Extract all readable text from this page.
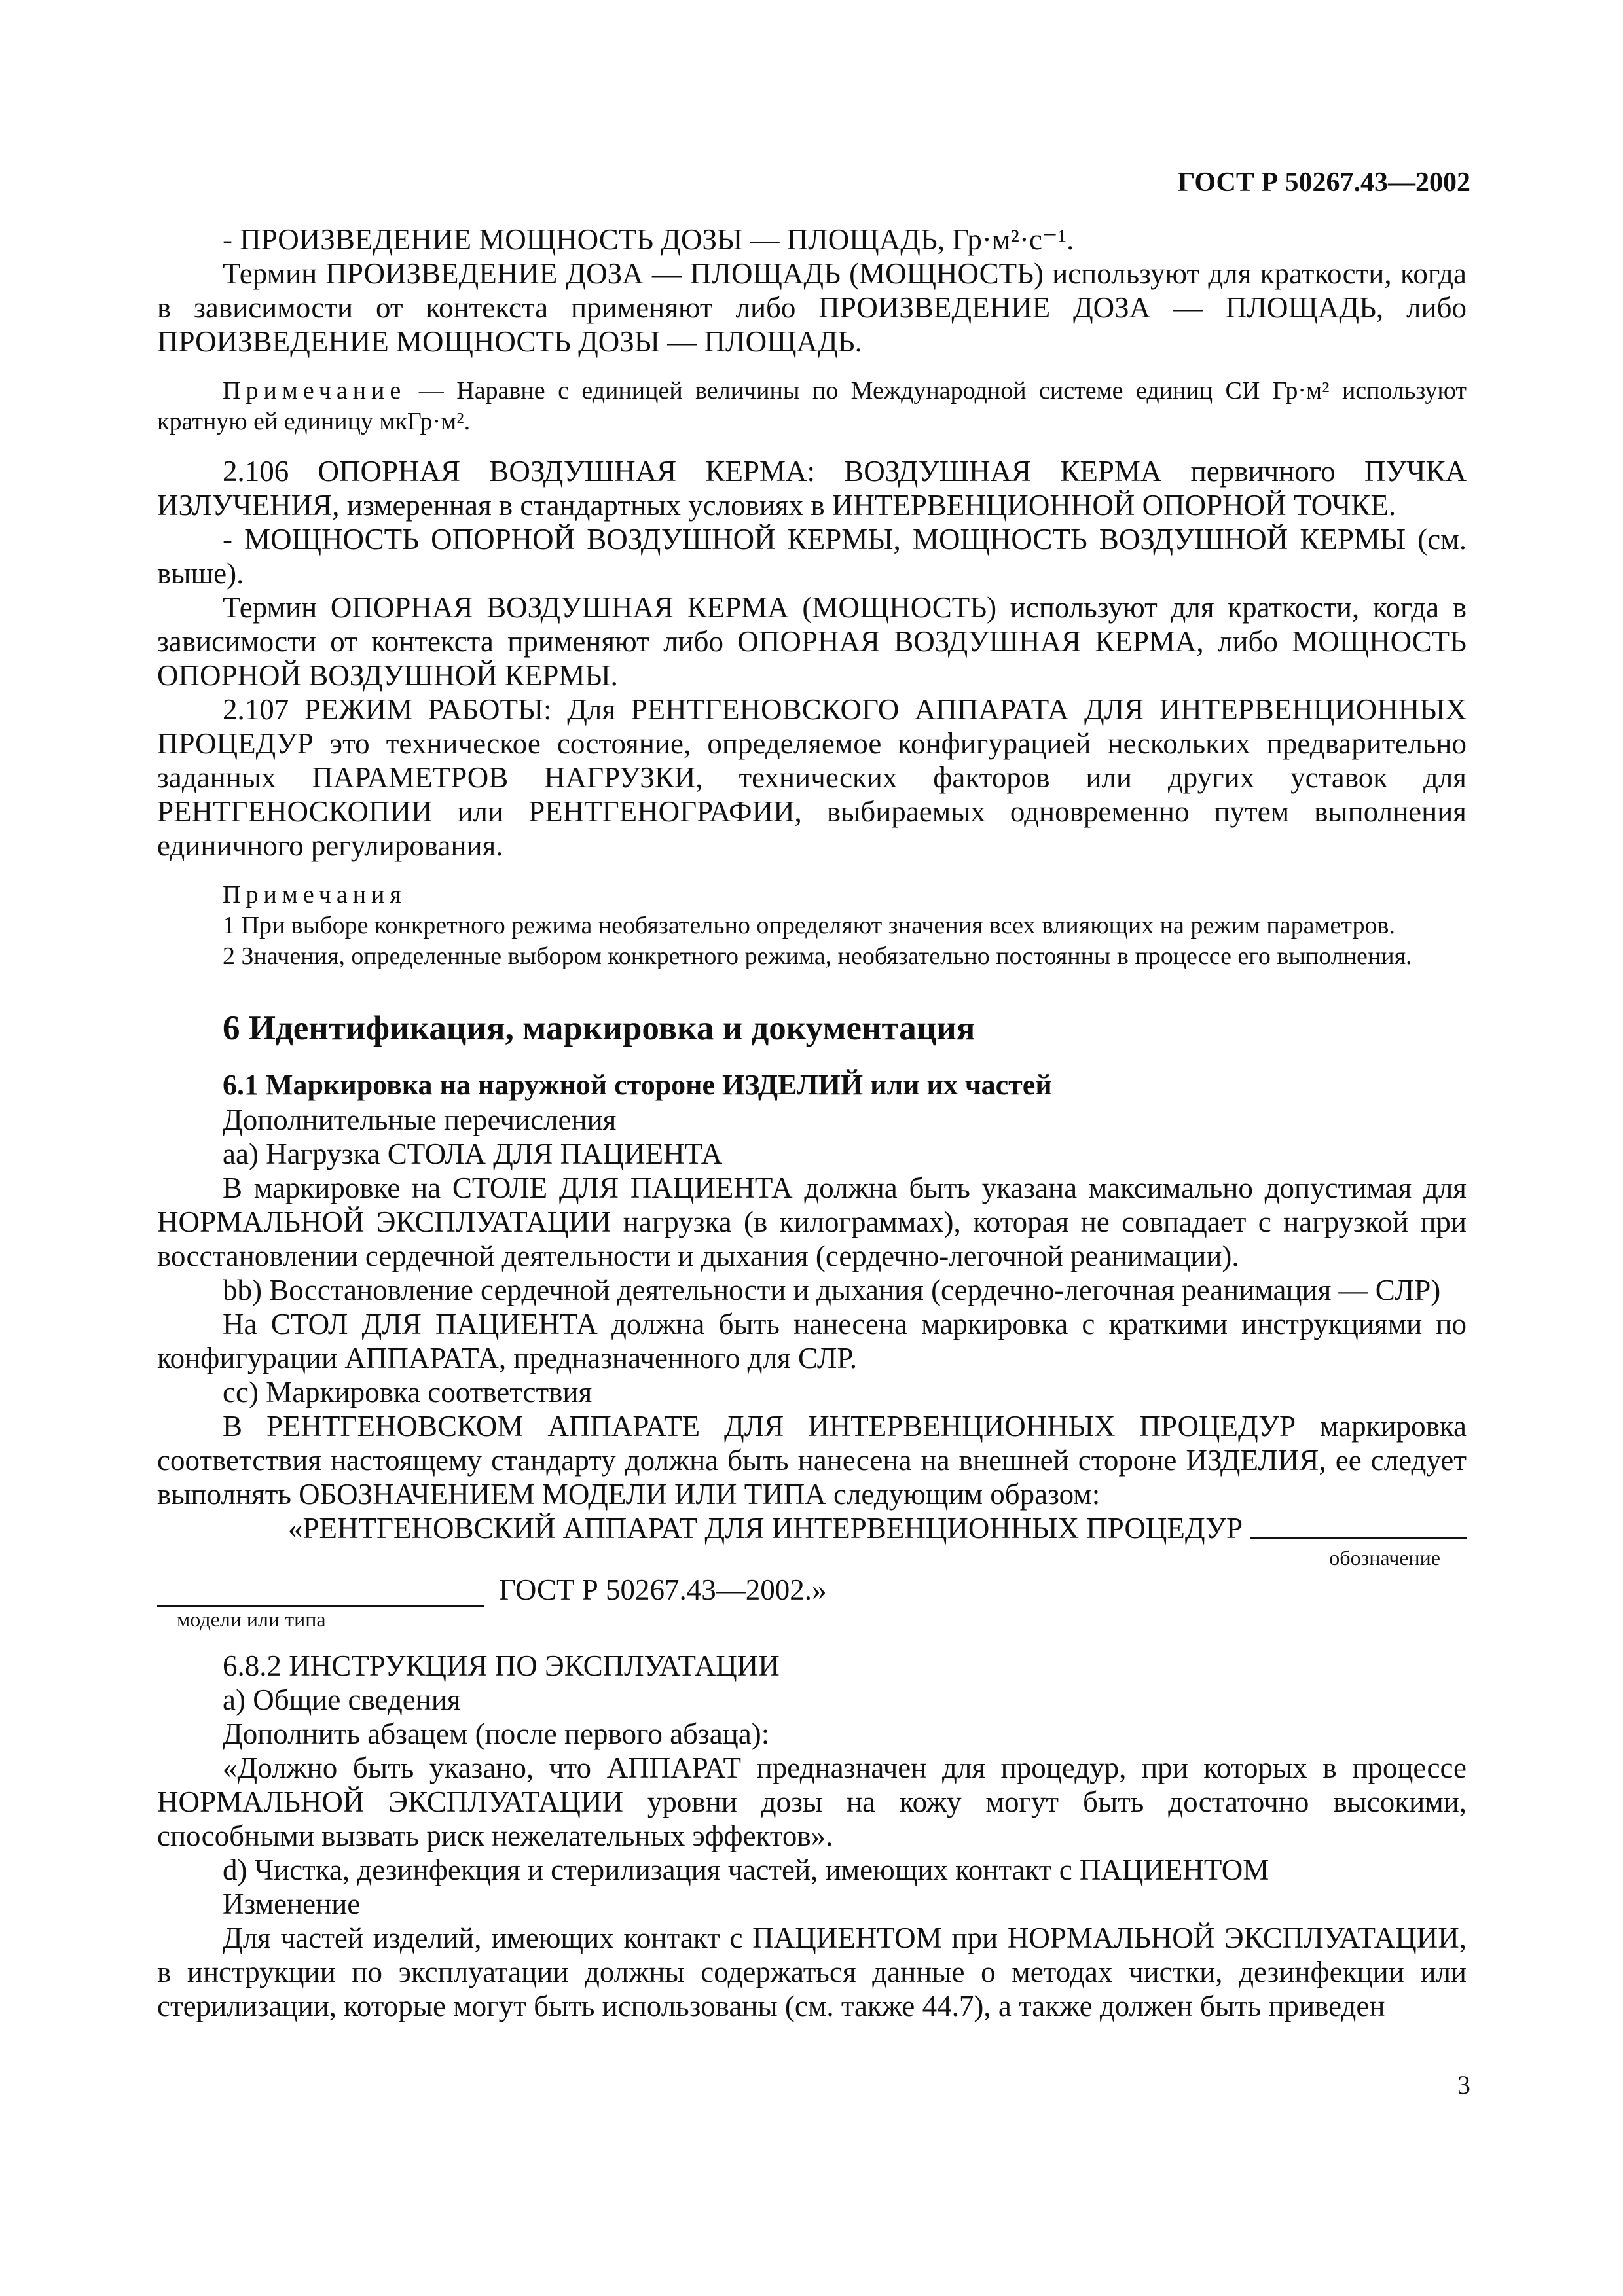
ГОСТ Р 50267.43—2002

- ПРОИЗВЕДЕНИЕ МОЩНОСТЬ ДОЗЫ — ПЛОЩАДЬ, Гр·м²·с⁻¹.

Термин ПРОИЗВЕДЕНИЕ ДОЗА — ПЛОЩАДЬ (МОЩНОСТЬ) используют для краткости, когда в зависимости от контекста применяют либо ПРОИЗВЕДЕНИЕ ДОЗА — ПЛОЩАДЬ, либо ПРОИЗВЕДЕНИЕ МОЩНОСТЬ ДОЗЫ — ПЛОЩАДЬ.

Примечание — Наравне с единицей величины по Международной системе единиц СИ Гр·м² используют кратную ей единицу мкГр·м².

2.106 ОПОРНАЯ ВОЗДУШНАЯ КЕРМА: ВОЗДУШНАЯ КЕРМА первичного ПУЧКА ИЗЛУЧЕНИЯ, измеренная в стандартных условиях в ИНТЕРВЕНЦИОННОЙ ОПОРНОЙ ТОЧКЕ.

- МОЩНОСТЬ ОПОРНОЙ ВОЗДУШНОЙ КЕРМЫ, МОЩНОСТЬ ВОЗДУШНОЙ КЕРМЫ (см. выше).

Термин ОПОРНАЯ ВОЗДУШНАЯ КЕРМА (МОЩНОСТЬ) используют для краткости, когда в зависимости от контекста применяют либо ОПОРНАЯ ВОЗДУШНАЯ КЕРМА, либо МОЩНОСТЬ ОПОРНОЙ ВОЗДУШНОЙ КЕРМЫ.

2.107 РЕЖИМ РАБОТЫ: Для РЕНТГЕНОВСКОГО АППАРАТА ДЛЯ ИНТЕРВЕНЦИОННЫХ ПРОЦЕДУР это техническое состояние, определяемое конфигурацией нескольких предварительно заданных ПАРАМЕТРОВ НАГРУЗКИ, технических факторов или других уставок для РЕНТГЕНОСКОПИИ или РЕНТГЕНОГРАФИИ, выбираемых одновременно путем выполнения единичного регулирования.

Примечания

1 При выборе конкретного режима необязательно определяют значения всех влияющих на режим параметров.

2 Значения, определенные выбором конкретного режима, необязательно постоянны в процессе его выполнения.

6 Идентификация, маркировка и документация

6.1 Маркировка на наружной стороне ИЗДЕЛИЙ или их частей

Дополнительные перечисления

аа) Нагрузка СТОЛА ДЛЯ ПАЦИЕНТА

В маркировке на СТОЛЕ ДЛЯ ПАЦИЕНТА должна быть указана максимально допустимая для НОРМАЛЬНОЙ ЭКСПЛУАТАЦИИ нагрузка (в килограммах), которая не совпадает с нагрузкой при восстановлении сердечной деятельности и дыхания (сердечно-легочной реанимации).

bb) Восстановление сердечной деятельности и дыхания (сердечно-легочная реанимация — СЛР)

На СТОЛ ДЛЯ ПАЦИЕНТА должна быть нанесена маркировка с краткими инструкциями по конфигурации АППАРАТА, предназначенного для СЛР.

cc) Маркировка соответствия

В РЕНТГЕНОВСКОМ АППАРАТЕ ДЛЯ ИНТЕРВЕНЦИОННЫХ ПРОЦЕДУР маркировка соответствия настоящему стандарту должна быть нанесена на внешней стороне ИЗДЕЛИЯ, ее следует выполнять ОБОЗНАЧЕНИЕМ МОДЕЛИ ИЛИ ТИПА следующим образом:

«РЕНТГЕНОВСКИЙ АППАРАТ ДЛЯ ИНТЕРВЕНЦИОННЫХ ПРОЦЕДУР
обозначение
ГОСТ Р 50267.43—2002.»
модели или типа

6.8.2 ИНСТРУКЦИЯ ПО ЭКСПЛУАТАЦИИ

a) Общие сведения

Дополнить абзацем (после первого абзаца):

«Должно быть указано, что АППАРАТ предназначен для процедур, при которых в процессе НОРМАЛЬНОЙ ЭКСПЛУАТАЦИИ уровни дозы на кожу могут быть достаточно высокими, способными вызвать риск нежелательных эффектов».

d) Чистка, дезинфекция и стерилизация частей, имеющих контакт с ПАЦИЕНТОМ

Изменение

Для частей изделий, имеющих контакт с ПАЦИЕНТОМ при НОРМАЛЬНОЙ ЭКСПЛУАТАЦИИ, в инструкции по эксплуатации должны содержаться данные о методах чистки, дезинфекции или стерилизации, которые могут быть использованы (см. также 44.7), а также должен быть приведен

3
